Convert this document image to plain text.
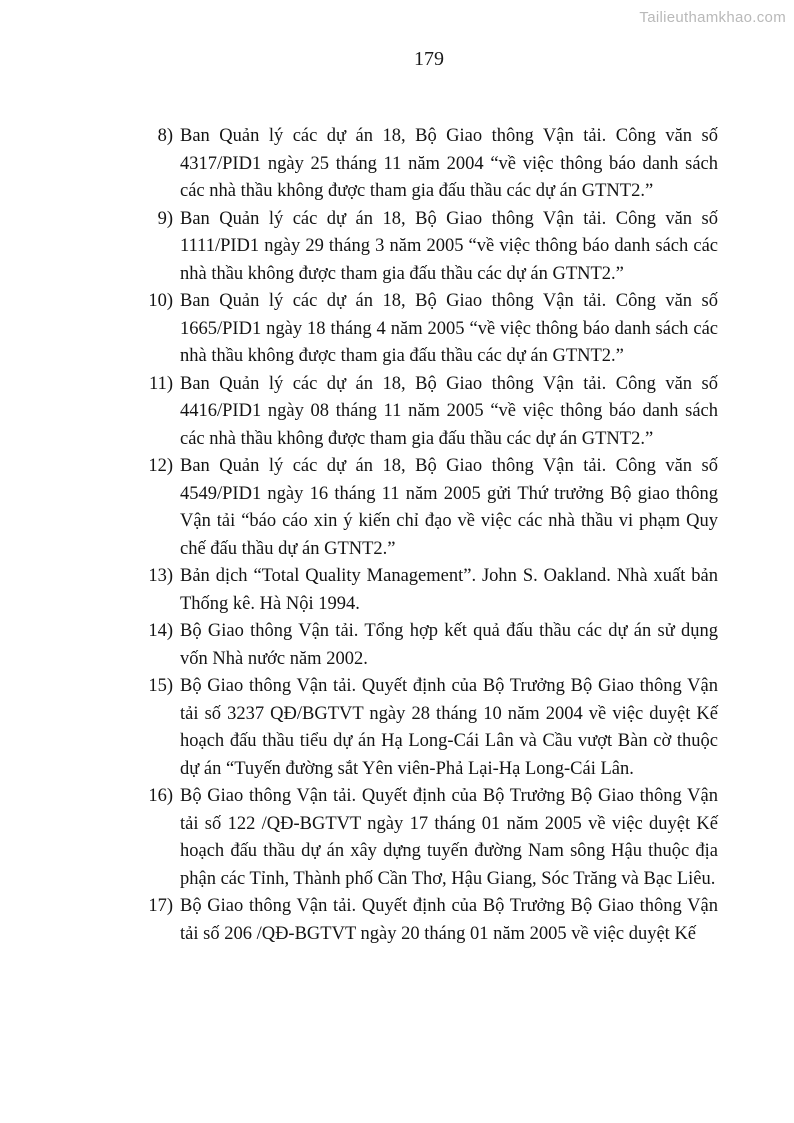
Tailieuthamkhao.com
179
8) Ban Quản lý các dự án 18, Bộ Giao thông Vận tải. Công văn số 4317/PID1 ngày 25 tháng 11 năm 2004 “về việc thông báo danh sách các nhà thầu không được tham gia đấu thầu các dự án GTNT2.”
9) Ban Quản lý các dự án 18, Bộ Giao thông Vận tải. Công văn số 1111/PID1 ngày 29 tháng 3 năm 2005 “về việc thông báo danh sách các nhà thầu không được tham gia đấu thầu các dự án GTNT2.”
10) Ban Quản lý các dự án 18, Bộ Giao thông Vận tải. Công văn số 1665/PID1 ngày 18 tháng 4 năm 2005 “về việc thông báo danh sách các nhà thầu không được tham gia đấu thầu các dự án GTNT2.”
11) Ban Quản lý các dự án 18, Bộ Giao thông Vận tải. Công văn số 4416/PID1 ngày 08 tháng 11 năm 2005 “về việc thông báo danh sách các nhà thầu không được tham gia đấu thầu các dự án GTNT2.”
12) Ban Quản lý các dự án 18, Bộ Giao thông Vận tải. Công văn số 4549/PID1 ngày 16 tháng 11 năm 2005 gửi Thứ trưởng Bộ giao thông Vận tải “báo cáo xin ý kiến chỉ đạo về việc các nhà thầu vi phạm Quy chế đấu thầu dự án GTNT2.”
13) Bản dịch “Total Quality Management”. John S. Oakland. Nhà xuất bản Thống kê. Hà Nội 1994.
14) Bộ Giao thông Vận tải. Tổng hợp kết quả đấu thầu các dự án sử dụng vốn Nhà nước năm 2002.
15) Bộ Giao thông Vận tải. Quyết định của Bộ Trưởng Bộ Giao thông Vận tải số 3237 QĐ/BGTVT ngày 28 tháng 10 năm 2004 về việc duyệt Kế hoạch đấu thầu tiểu dự án Hạ Long-Cái Lân và Cầu vượt Bàn cờ thuộc dự án “Tuyến đường sắt Yên viên-Phả Lại-Hạ Long-Cái Lân.
16) Bộ Giao thông Vận tải. Quyết định của Bộ Trưởng Bộ Giao thông Vận tải số 122 /QĐ-BGTVT ngày 17 tháng 01 năm 2005 về việc duyệt Kế hoạch đấu thầu dự án xây dựng tuyến đường Nam sông Hậu thuộc địa phận các Tỉnh, Thành phố Cần Thơ, Hậu Giang, Sóc Trăng và Bạc Liêu.
17) Bộ Giao thông Vận tải. Quyết định của Bộ Trưởng Bộ Giao thông Vận tải số 206 /QĐ-BGTVT ngày 20 tháng 01 năm 2005 về việc duyệt Kế
